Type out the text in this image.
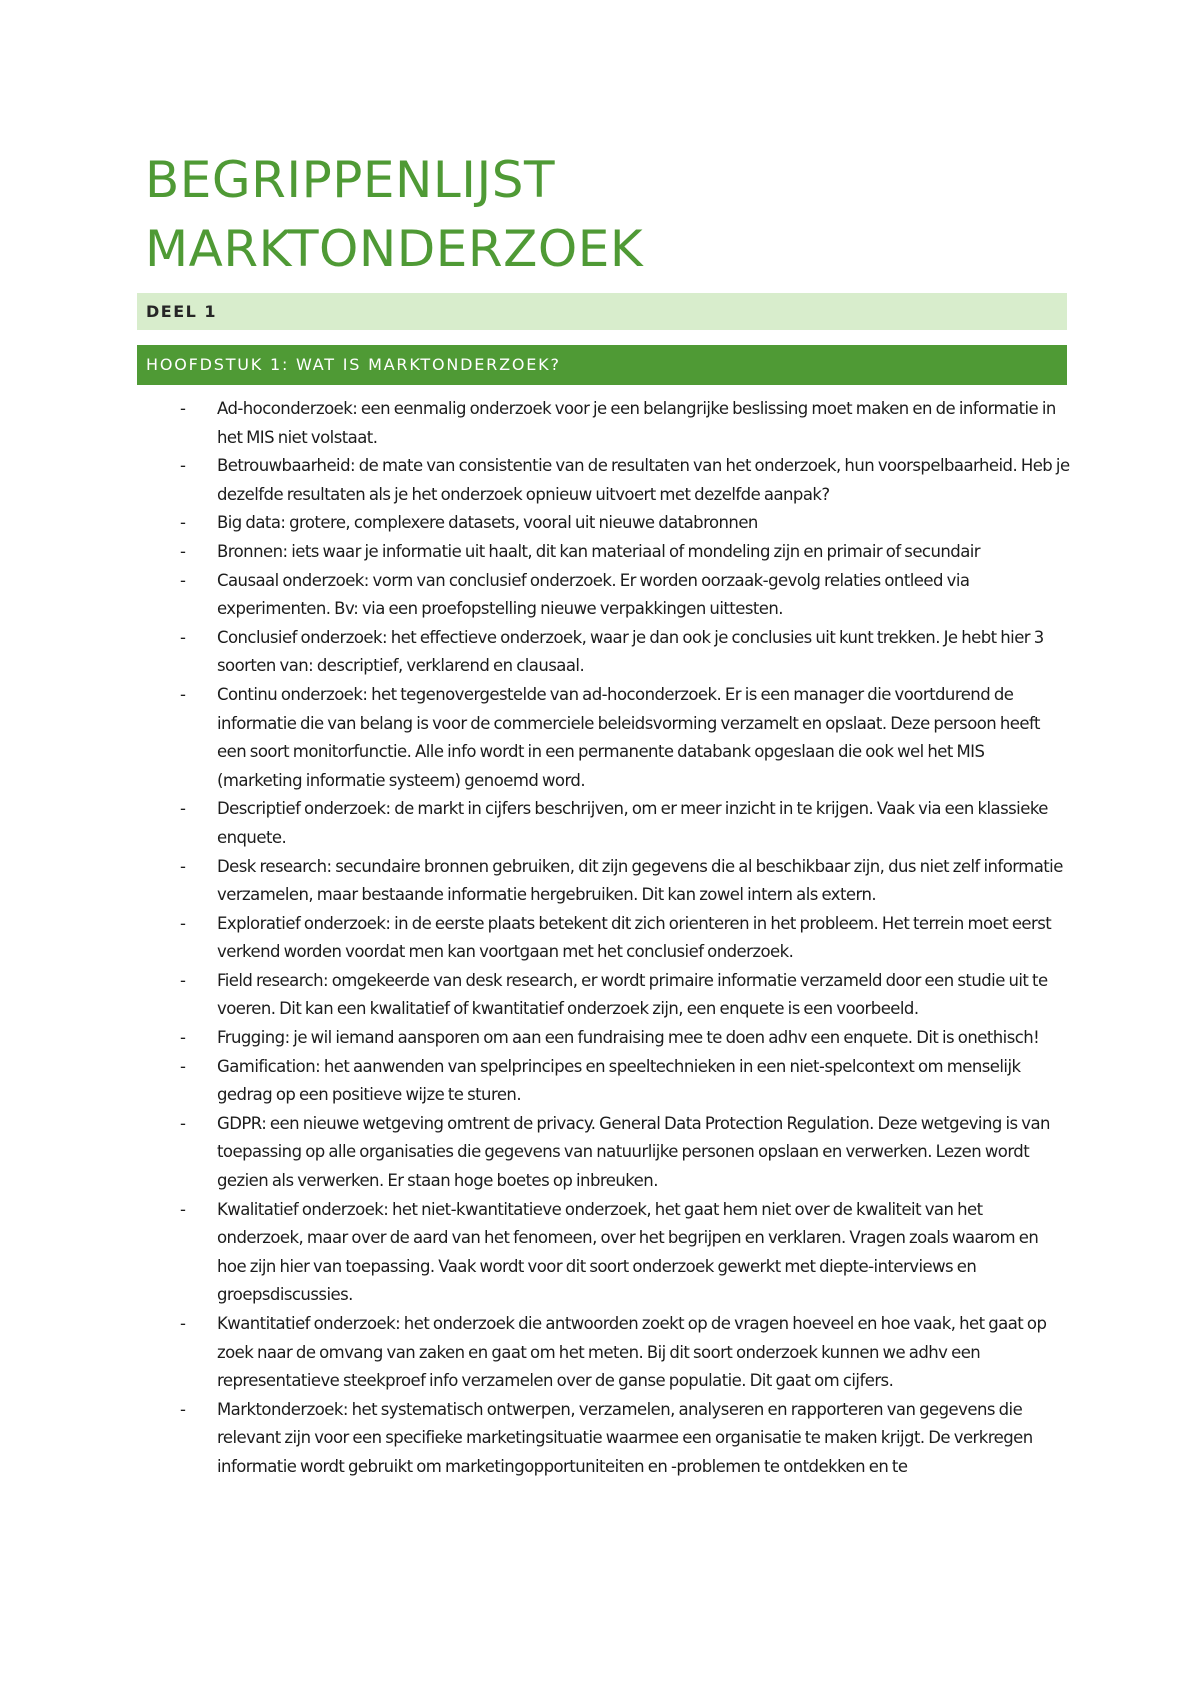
BEGRIPPENLIJST
MARKTONDERZOEK
DEEL 1
HOOFDSTUK 1: WAT IS MARKTONDERZOEK?
- Ad-hoconderzoek: een eenmalig onderzoek voor je een belangrijke beslissing moet maken en de informatie in het MIS niet volstaat.
- Betrouwbaarheid: de mate van consistentie van de resultaten van het onderzoek, hun voorspelbaarheid. Heb je dezelfde resultaten als je het onderzoek opnieuw uitvoert met dezelfde aanpak?
- Big data: grotere, complexere datasets, vooral uit nieuwe databronnen
- Bronnen: iets waar je informatie uit haalt, dit kan materiaal of mondeling zijn en primair of secundair
- Causaal onderzoek: vorm van conclusief onderzoek. Er worden oorzaak-gevolg relaties ontleed via experimenten. Bv: via een proefopstelling nieuwe verpakkingen uittesten.
- Conclusief onderzoek: het effectieve onderzoek, waar je dan ook je conclusies uit kunt trekken. Je hebt hier 3 soorten van: descriptief, verklarend en clausaal.
- Continu onderzoek: het tegenovergestelde van ad-hoconderzoek. Er is een manager die voortdurend de informatie die van belang is voor de commerciele beleidsvorming verzamelt en opslaat. Deze persoon heeft een soort monitorfunctie. Alle info wordt in een permanente databank opgeslaan die ook wel het MIS (marketing informatie systeem) genoemd word.
- Descriptief onderzoek: de markt in cijfers beschrijven, om er meer inzicht in te krijgen. Vaak via een klassieke enquete.
- Desk research: secundaire bronnen gebruiken, dit zijn gegevens die al beschikbaar zijn, dus niet zelf informatie verzamelen, maar bestaande informatie hergebruiken. Dit kan zowel intern als extern.
- Exploratief onderzoek: in de eerste plaats betekent dit zich orienteren in het probleem. Het terrein moet eerst verkend worden voordat men kan voortgaan met het conclusief onderzoek.
- Field research: omgekeerde van desk research, er wordt primaire informatie verzameld door een studie uit te voeren. Dit kan een kwalitatief of kwantitatief onderzoek zijn, een enquete is een voorbeeld.
- Frugging: je wil iemand aansporen om aan een fundraising mee te doen adhv een enquete. Dit is onethisch!
- Gamification: het aanwenden van spelprincipes en speeltechnieken in een niet-spelcontext om menselijk gedrag op een positieve wijze te sturen.
- GDPR: een nieuwe wetgeving omtrent de privacy. General Data Protection Regulation. Deze wetgeving is van toepassing op alle organisaties die gegevens van natuurlijke personen opslaan en verwerken. Lezen wordt gezien als verwerken. Er staan hoge boetes op inbreuken.
- Kwalitatief onderzoek: het niet-kwantitatieve onderzoek, het gaat hem niet over de kwaliteit van het onderzoek, maar over de aard van het fenomeen, over het begrijpen en verklaren. Vragen zoals waarom en hoe zijn hier van toepassing. Vaak wordt voor dit soort onderzoek gewerkt met diepte-interviews en groepsdiscussies.
- Kwantitatief onderzoek: het onderzoek die antwoorden zoekt op de vragen hoeveel en hoe vaak, het gaat op zoek naar de omvang van zaken en gaat om het meten. Bij dit soort onderzoek kunnen we adhv een representatieve steekproef info verzamelen over de ganse populatie. Dit gaat om cijfers.
- Marktonderzoek: het systematisch ontwerpen, verzamelen, analyseren en rapporteren van gegevens die relevant zijn voor een specifieke marketingsituatie waarmee een organisatie te maken krijgt. De verkregen informatie wordt gebruikt om marketingopportuniteiten en -problemen te ontdekken en te
